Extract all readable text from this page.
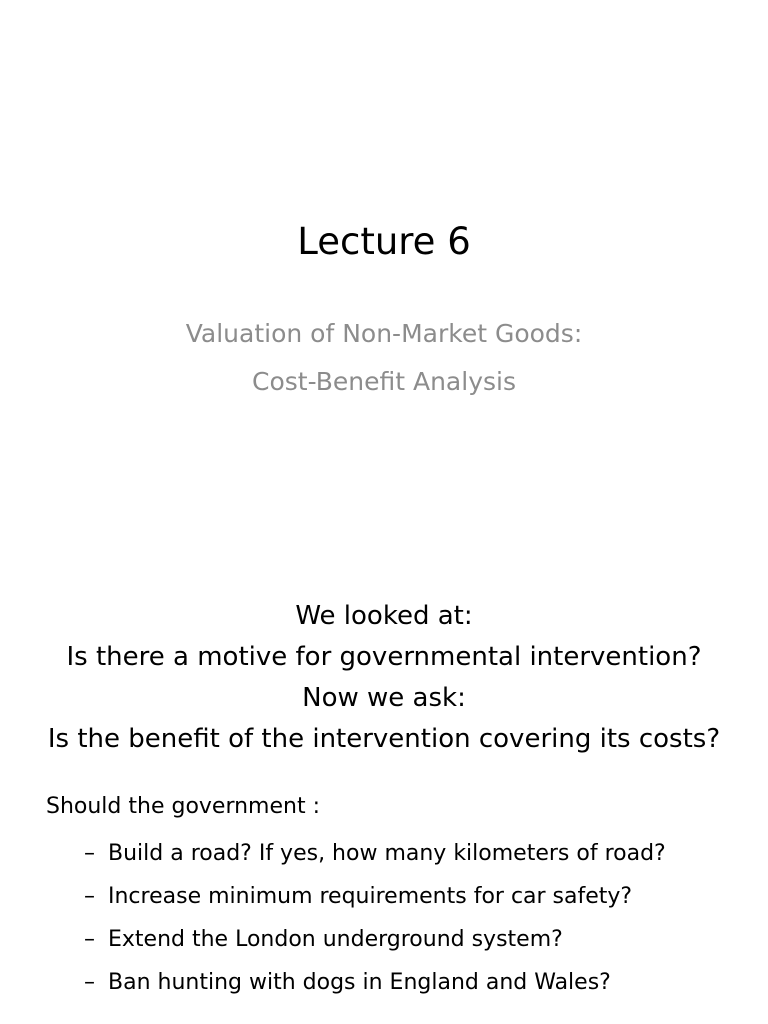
Lecture 6
Valuation of Non-Market Goods:
Cost-Benefit Analysis
We looked at:
Is there a motive for governmental intervention?
Now we ask:
Is the benefit of the intervention covering its costs?
Should the government :
– Build a road? If yes, how many kilometers of road?
– Increase minimum requirements for car safety?
– Extend the London underground system?
– Ban hunting with dogs in England and Wales?
